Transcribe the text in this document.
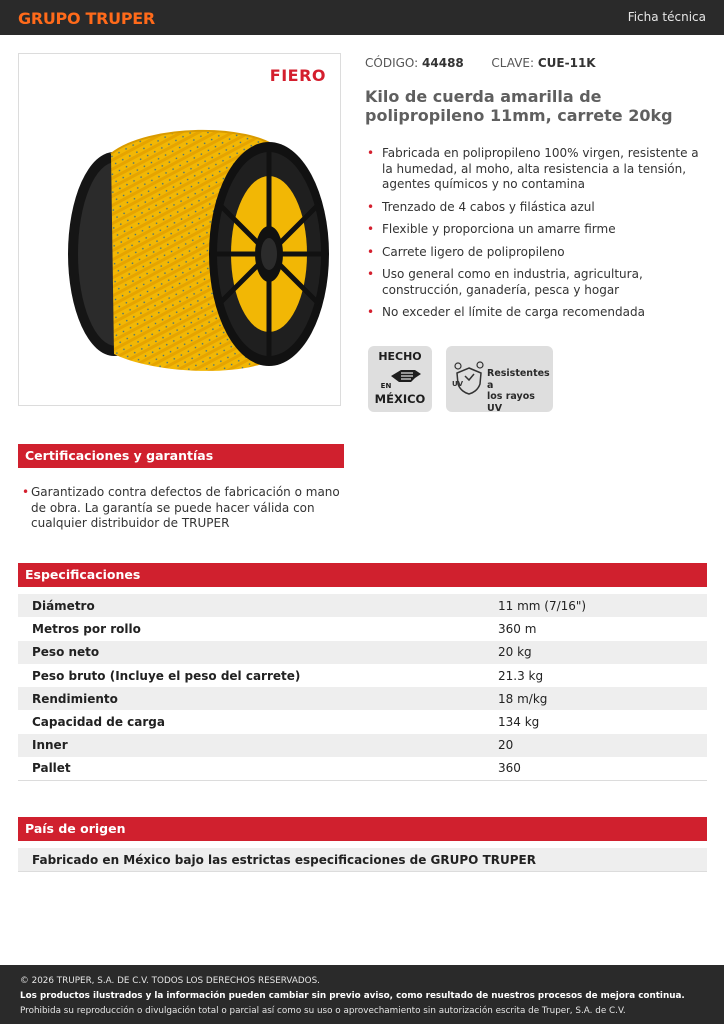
GRUPO TRUPER	Ficha técnica
FIERO
CÓDIGO: 44488 CLAVE: CUE-11K
Kilo de cuerda amarilla de polipropileno 11mm, carrete 20kg
• Fabricada en polipropileno 100% virgen, resistente a la humedad, al moho, alta resistencia a la tensión, agentes químicos y no contamina
• Trenzado de 4 cabos y filástica azul
• Flexible y proporciona un amarre firme
• Carrete ligero de polipropileno
• Uso general como en industria, agricultura, construcción, ganadería, pesca y hogar
• No exceder el límite de carga recomendada
HECHO
EN
MÉXICO
UV
Resistentes a
los rayos UV
Certificaciones y garantías
• Garantizado contra defectos de fabricación o mano de obra. La garantía se puede hacer válida con cualquier distribuidor de TRUPER
Especificaciones
Diámetro	11 mm (7/16")
Metros por rollo	360 m
Peso neto	20 kg
Peso bruto (Incluye el peso del carrete)	21.3 kg
Rendimiento	18 m/kg
Capacidad de carga	134 kg
Inner	20
Pallet	360
País de origen
Fabricado en México bajo las estrictas especificaciones de GRUPO TRUPER
© 2026 TRUPER, S.A. DE C.V. TODOS LOS DERECHOS RESERVADOS.
Los productos ilustrados y la información pueden cambiar sin previo aviso, como resultado de nuestros procesos de mejora continua.
Prohibida su reproducción o divulgación total o parcial así como su uso o aprovechamiento sin autorización escrita de Truper, S.A. de C.V.
